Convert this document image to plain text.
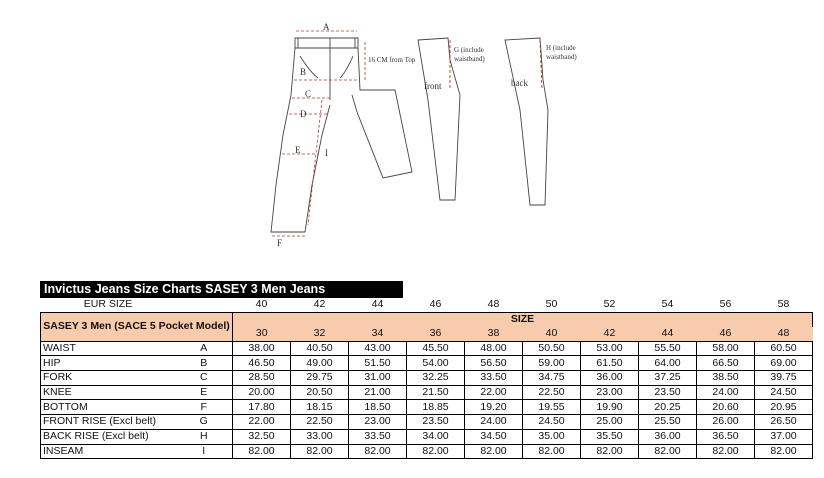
A
B
C
D
E
F
I
16 CM from Top
G (include
waistband)
front
H (include
waistband)
back
Invictus Jeans Size Charts SASEY 3 Men Jeans
EUR SIZE		40	42	44	46	48	50	52	54	56	58
SASEY 3 Men (SACE 5 Pocket Model)		SIZE									
		30	32	34	36	38	40	42	44	46	48
WAIST	A	38.00	40.50	43.00	45.50	48.00	50.50	53.00	55.50	58.00	60.50
HIP	B	46.50	49.00	51.50	54.00	56.50	59.00	61.50	64.00	66.50	69.00
FORK	C	28.50	29.75	31.00	32.25	33.50	34.75	36.00	37.25	38.50	39.75
KNEE	E	20.00	20.50	21.00	21.50	22.00	22.50	23.00	23.50	24.00	24.50
BOTTOM	F	17.80	18.15	18.50	18.85	19.20	19.55	19.90	20.25	20.60	20.95
FRONT RISE (Excl belt)	G	22.00	22.50	23.00	23.50	24.00	24.50	25.00	25.50	26.00	26.50
BACK RISE (Excl belt)	H	32.50	33.00	33.50	34.00	34.50	35.00	35.50	36.00	36.50	37.00
INSEAM	I	82.00	82.00	82.00	82.00	82.00	82.00	82.00	82.00	82.00	82.00
